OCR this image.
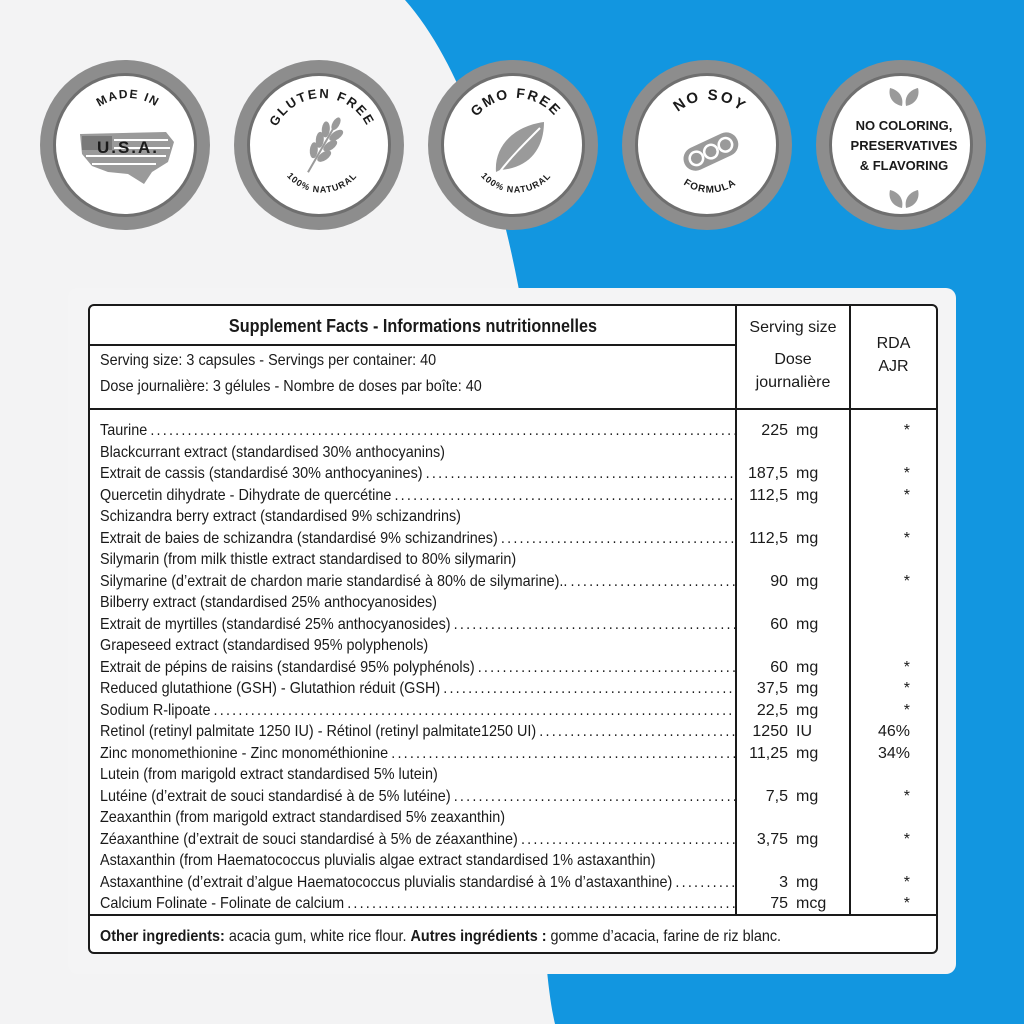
MADE IN
U.S.A.
GLUTEN FREE
100% NATURAL
GMO FREE
100% NATURAL
NO SOY
FORMULA
NO COLORING,
PRESERVATIVES
& FLAVORING
Supplement Facts - Informations nutritionnelles
Serving size: 3 capsules - Servings per container: 40
Dose journalière: 3 gélules - Nombre de doses par boîte: 40
Serving size
Dose
journalière
RDA
AJR
Taurine . . .	225 mg	*
Blackcurrant extract (standardised 30% anthocyanins)
Extrait de cassis (standardisé 30% anthocyanines) . . .	187,5 mg	*
Quercetin dihydrate - Dihydrate de quercétine . . .	112,5 mg	*
Schizandra berry extract (standardised 9% schizandrins)
Extrait de baies de schizandra (standardisé 9% schizandrines) . . .	112,5 mg	*
Silymarin (from milk thistle extract standardised to 80% silymarin)
Silymarine (d’extrait de chardon marie standardisé à 80% de silymarine).. . . .	90 mg	*
Bilberry extract (standardised 25% anthocyanosides)
Extrait de myrtilles (standardisé 25% anthocyanosides) . . .	60 mg
Grapeseed extract (standardised 95% polyphenols)
Extrait de pépins de raisins (standardisé 95% polyphénols) . . .	60 mg	*
Reduced glutathione (GSH) - Glutathion réduit (GSH) . . .	37,5 mg	*
Sodium R-lipoate . . .	22,5 mg	*
Retinol (retinyl palmitate 1250 IU) - Rétinol (retinyl palmitate1250 UI) . . .	1250 IU	46%
Zinc monomethionine - Zinc monométhionine . . .	11,25 mg	34%
Lutein (from marigold extract standardised 5% lutein)
Lutéine (d’extrait de souci standardisé à de 5% lutéine) . . .	7,5 mg	*
Zeaxanthin (from marigold extract standardised 5% zeaxanthin)
Zéaxanthine (d’extrait de souci standardisé à 5% de zéaxanthine) . . .	3,75 mg	*
Astaxanthin (from Haematococcus pluvialis algae extract standardised 1% astaxanthin)
Astaxanthine (d’extrait d’algue Haematococcus pluvialis standardisé à 1% d’astaxanthine) . . .	3 mg	*
Calcium Folinate - Folinate de calcium . . .	75 mcg	*
Other ingredients: acacia gum, white rice flour. Autres ingrédients : gomme d’acacia, farine de riz blanc.
